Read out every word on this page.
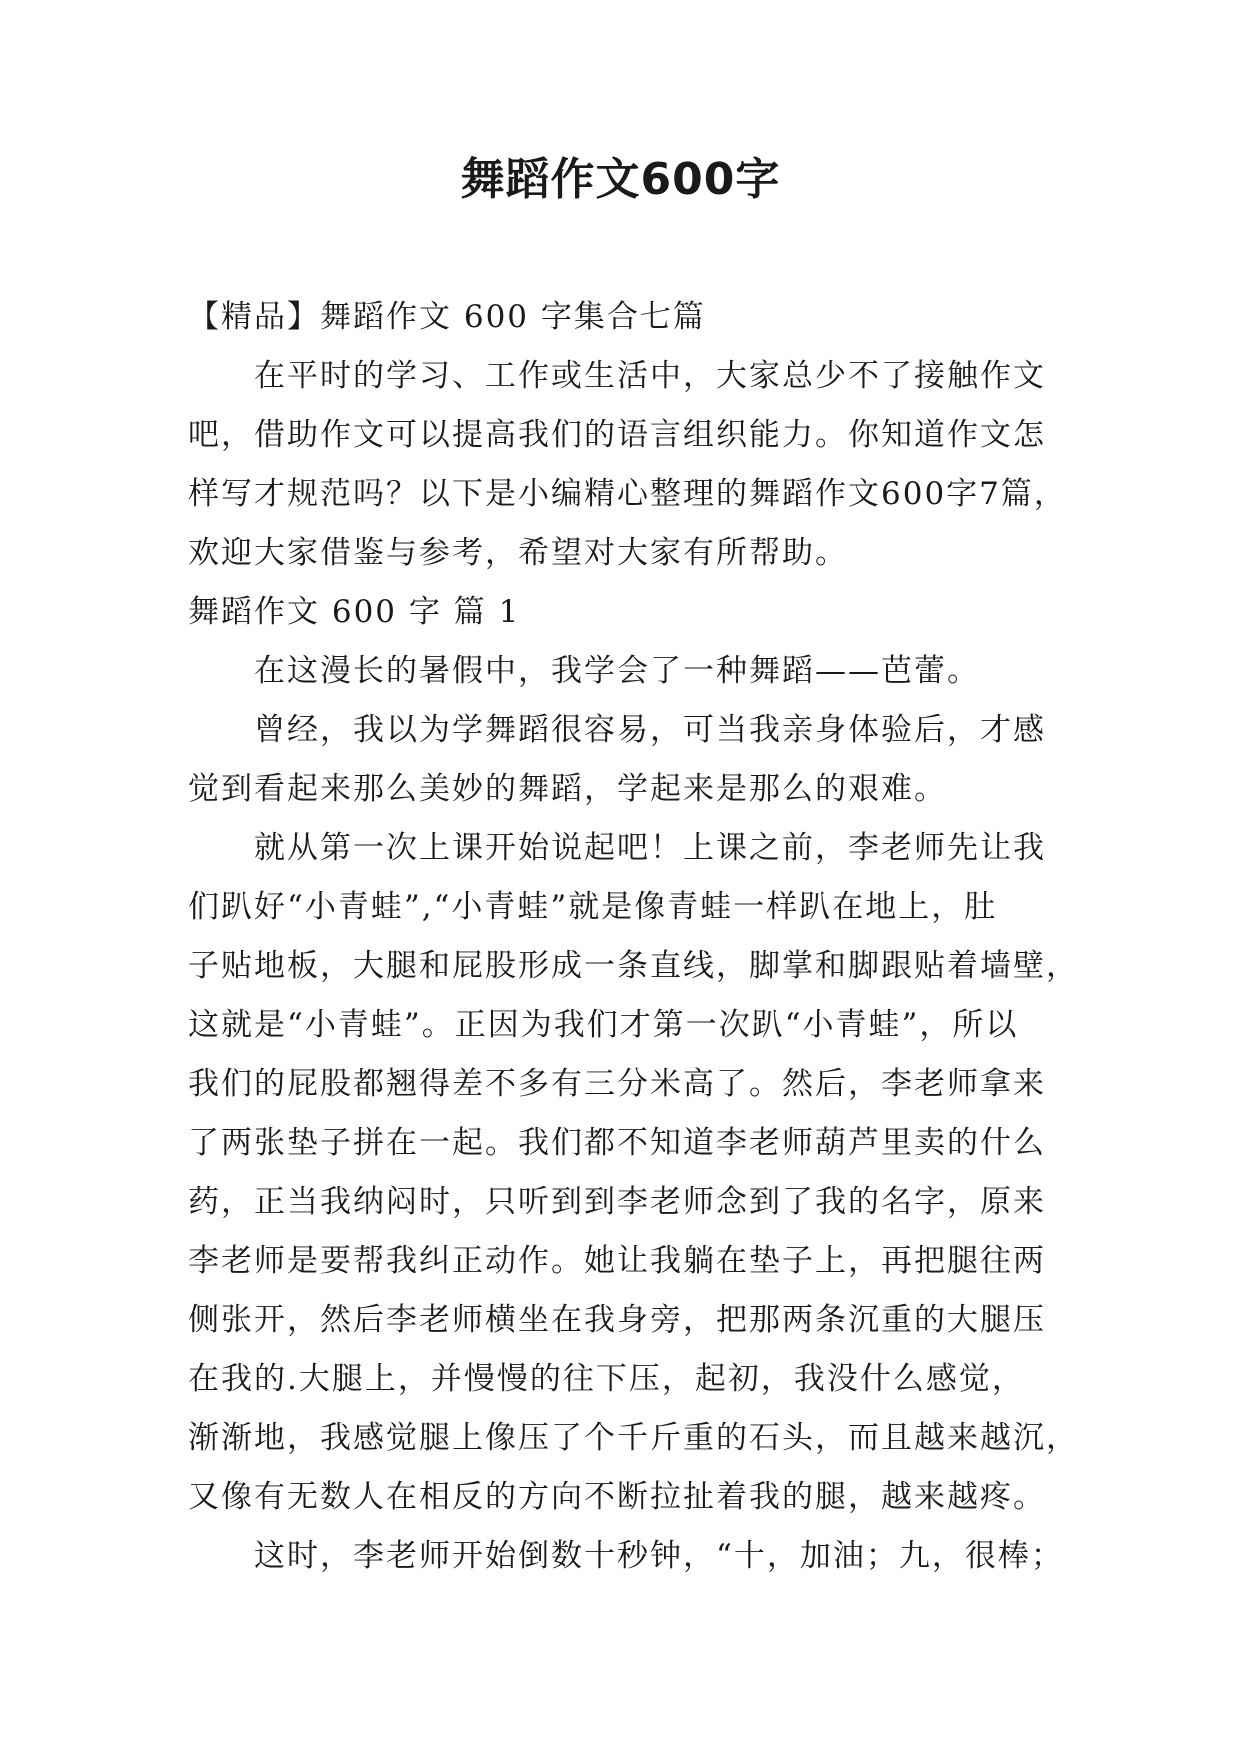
舞蹈作文600字
【精品】舞蹈作文 600 字集合七篇
在平时的学习、工作或生活中，大家总少不了接触作文
吧，借助作文可以提高我们的语言组织能力。你知道作文怎
样写才规范吗？以下是小编精心整理的舞蹈作文600字7篇，
欢迎大家借鉴与参考，希望对大家有所帮助。
舞蹈作文 600 字 篇 1
在这漫长的暑假中，我学会了一种舞蹈——芭蕾。
曾经，我以为学舞蹈很容易，可当我亲身体验后，才感
觉到看起来那么美妙的舞蹈，学起来是那么的艰难。
就从第一次上课开始说起吧！上课之前，李老师先让我
们趴好“小青蛙”,“小青蛙”就是像青蛙一样趴在地上，肚
子贴地板，大腿和屁股形成一条直线，脚掌和脚跟贴着墙壁，
这就是“小青蛙”。正因为我们才第一次趴“小青蛙”，所以
我们的屁股都翘得差不多有三分米高了。然后，李老师拿来
了两张垫子拼在一起。我们都不知道李老师葫芦里卖的什么
药，正当我纳闷时，只听到到李老师念到了我的名字，原来
李老师是要帮我纠正动作。她让我躺在垫子上，再把腿往两
侧张开，然后李老师横坐在我身旁，把那两条沉重的大腿压
在我的.大腿上，并慢慢的往下压，起初，我没什么感觉，
渐渐地，我感觉腿上像压了个千斤重的石头，而且越来越沉，
又像有无数人在相反的方向不断拉扯着我的腿，越来越疼。
这时，李老师开始倒数十秒钟，“十，加油；九，很棒；
